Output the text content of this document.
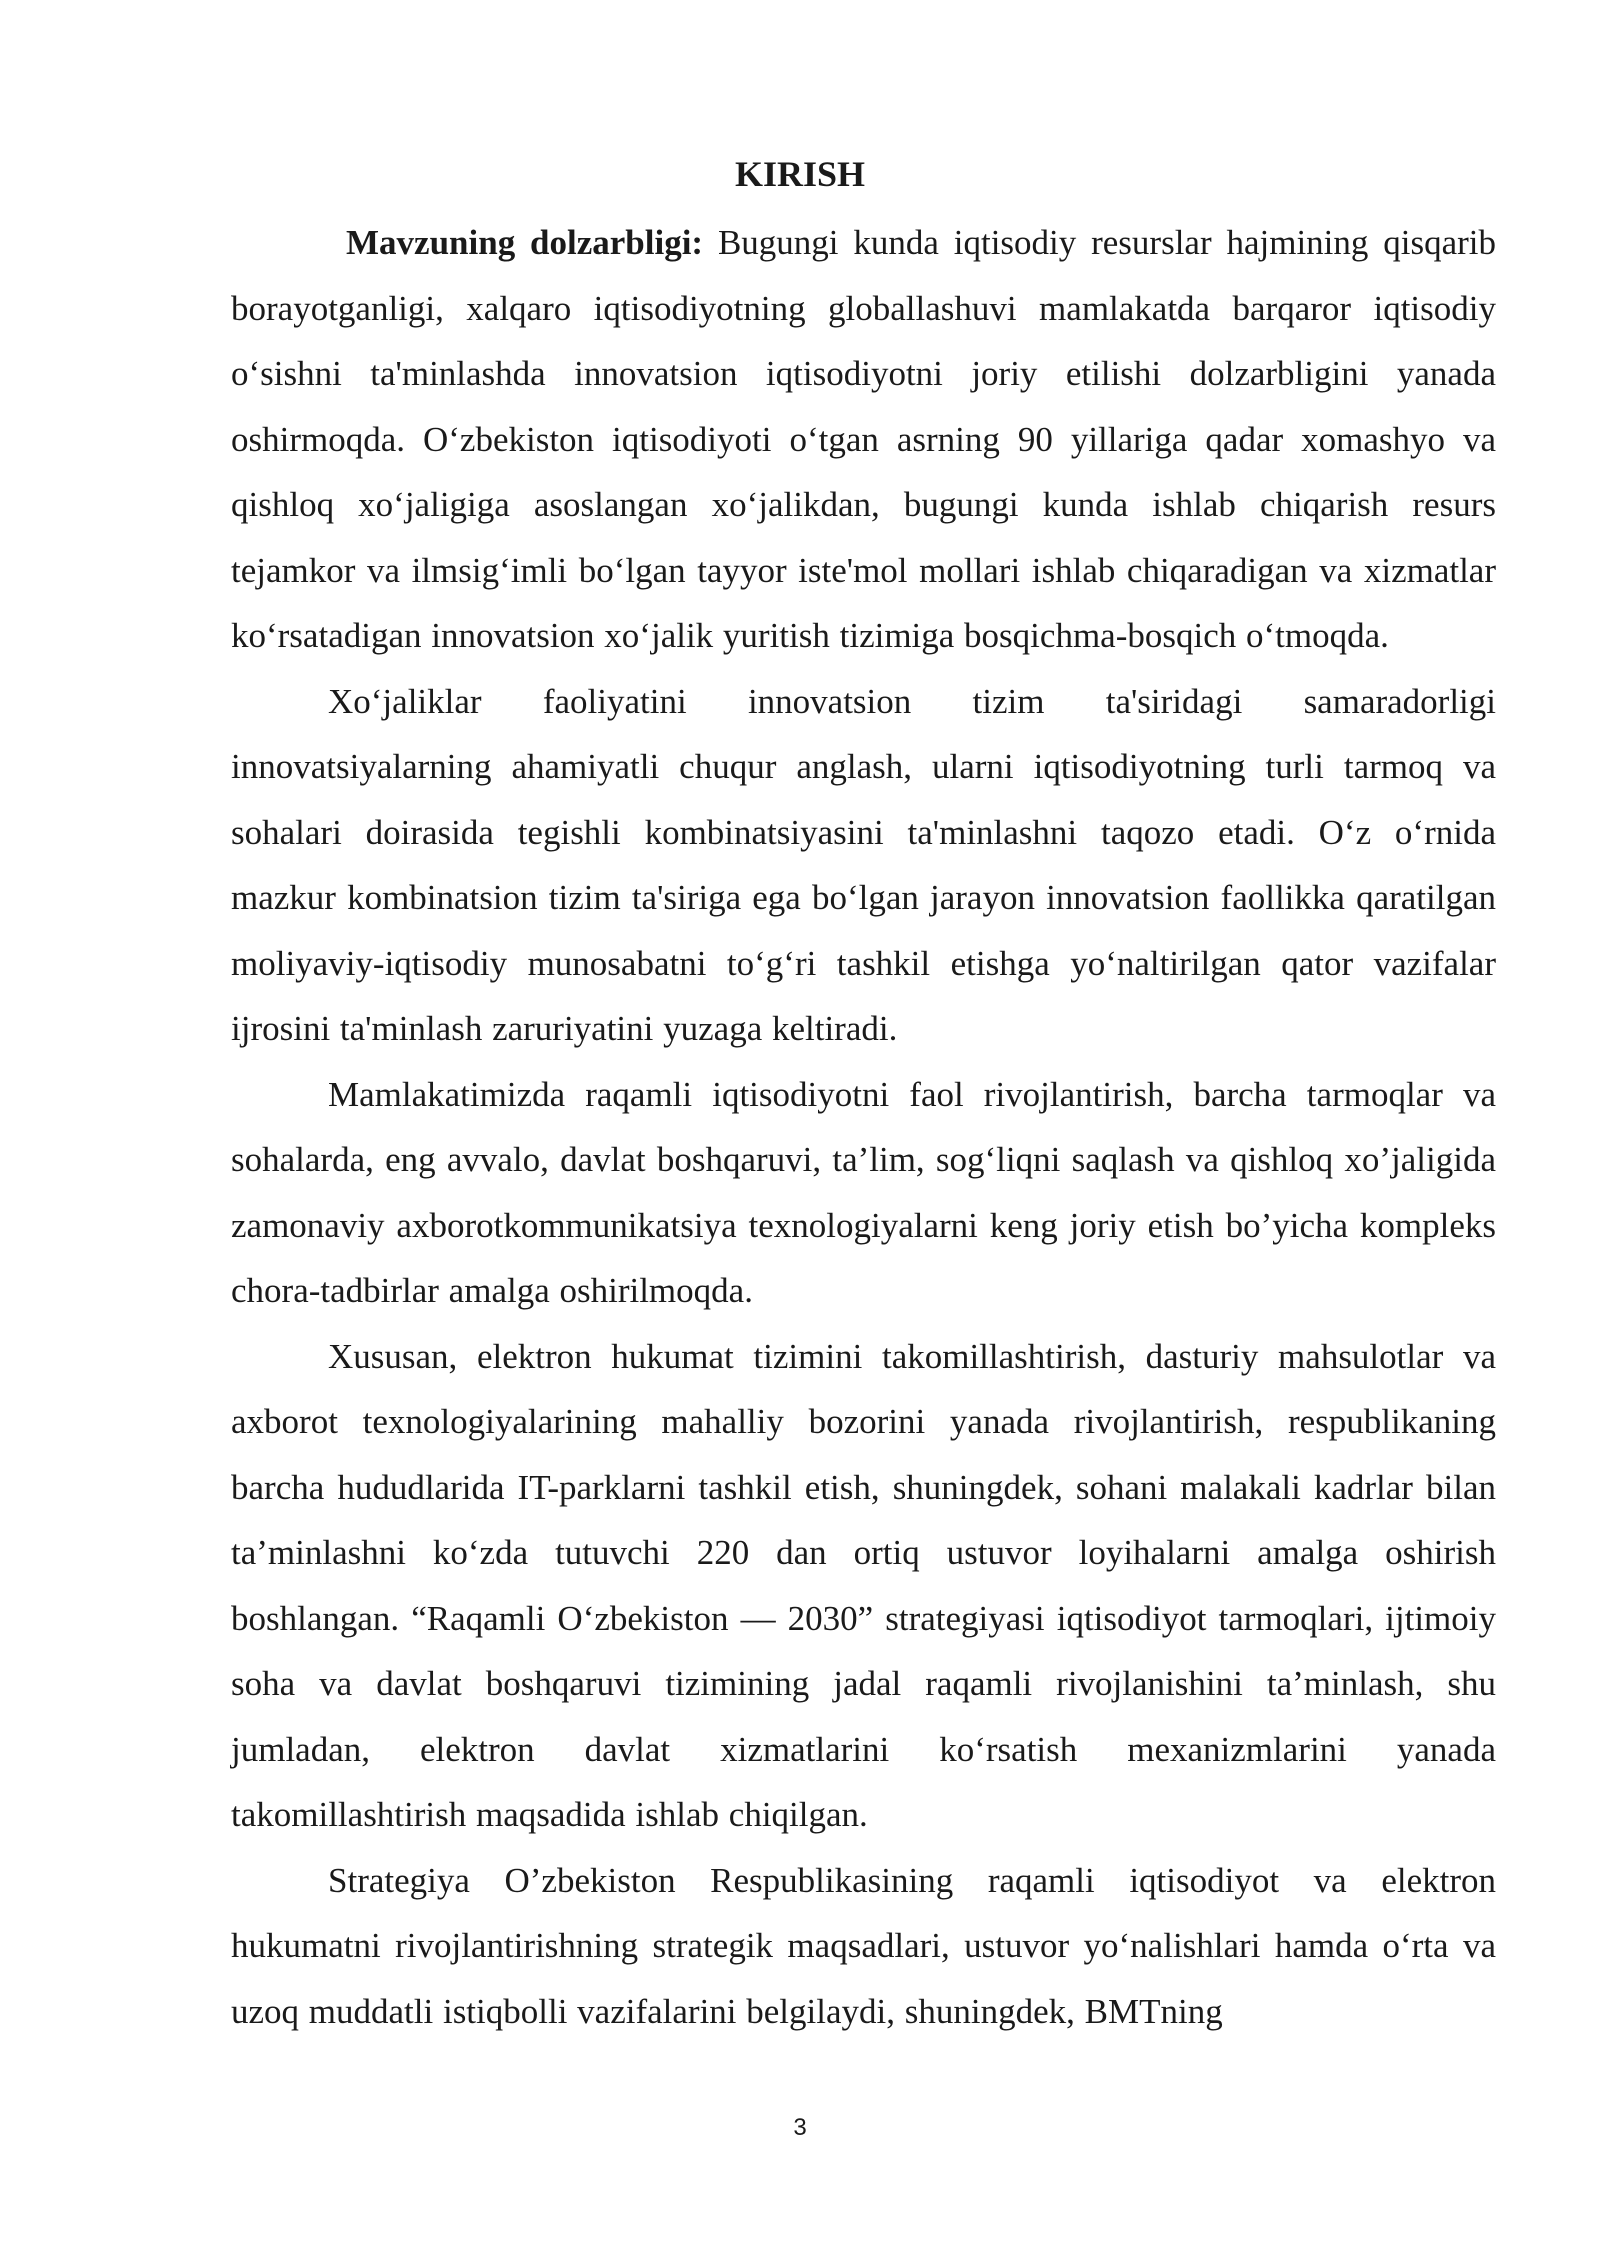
KIRISH

Mavzuning dolzarbligi: Bugungi kunda iqtisodiy resurslar hajmining qisqarib borayotganligi, xalqaro iqtisodiyotning globallashuvi mamlakatda barqaror iqtisodiy o‘sishni ta'minlashda innovatsion iqtisodiyotni joriy etilishi dolzarbligini yanada oshirmoqda. O‘zbekiston iqtisodiyoti o‘tgan asrning 90 yillariga qadar xomashyo va qishloq xo‘jaligiga asoslangan xo‘jalikdan, bugungi kunda ishlab chiqarish resurs tejamkor va ilmsig‘imli bo‘lgan tayyor iste'mol mollari ishlab chiqaradigan va xizmatlar ko‘rsatadigan innovatsion xo‘jalik yuritish tizimiga bosqichma-bosqich o‘tmoqda.

Xo‘jaliklar faoliyatini innovatsion tizim ta'siridagi samaradorligi innovatsiyalarning ahamiyatli chuqur anglash, ularni iqtisodiyotning turli tarmoq va sohalari doirasida tegishli kombinatsiyasini ta'minlashni taqozo etadi. O‘z o‘rnida mazkur kombinatsion tizim ta'siriga ega bo‘lgan jarayon innovatsion faollikka qaratilgan moliyaviy-iqtisodiy munosabatni to‘g‘ri tashkil etishga yo‘naltirilgan qator vazifalar ijrosini ta'minlash zaruriyatini yuzaga keltiradi.

Mamlakatimizda raqamli iqtisodiyotni faol rivojlantirish, barcha tarmoqlar va sohalarda, eng avvalo, davlat boshqaruvi, ta’lim, sog‘liqni saqlash va qishloq xo’jaligida zamonaviy axborotkommunikatsiya texnologiyalarni keng joriy etish bo’yicha kompleks chora-tadbirlar amalga oshirilmoqda.

Xususan, elektron hukumat tizimini takomillashtirish, dasturiy mahsulotlar va axborot texnologiyalarining mahalliy bozorini yanada rivojlantirish, respublikaning barcha hududlarida IT-parklarni tashkil etish, shuningdek, sohani malakali kadrlar bilan ta’minlashni ko‘zda tutuvchi 220 dan ortiq ustuvor loyihalarni amalga oshirish boshlangan. “Raqamli O‘zbekiston — 2030” strategiyasi iqtisodiyot tarmoqlari, ijtimoiy soha va davlat boshqaruvi tizimining jadal raqamli rivojlanishini ta’minlash, shu jumladan, elektron davlat xizmatlarini ko‘rsatish mexanizmlarini yanada takomillashtirish maqsadida ishlab chiqilgan.

Strategiya O’zbekiston Respublikasining raqamli iqtisodiyot va elektron hukumatni rivojlantirishning strategik maqsadlari, ustuvor yo‘nalishlari hamda o‘rta va uzoq muddatli istiqbolli vazifalarini belgilaydi, shuningdek, BMTning

3
